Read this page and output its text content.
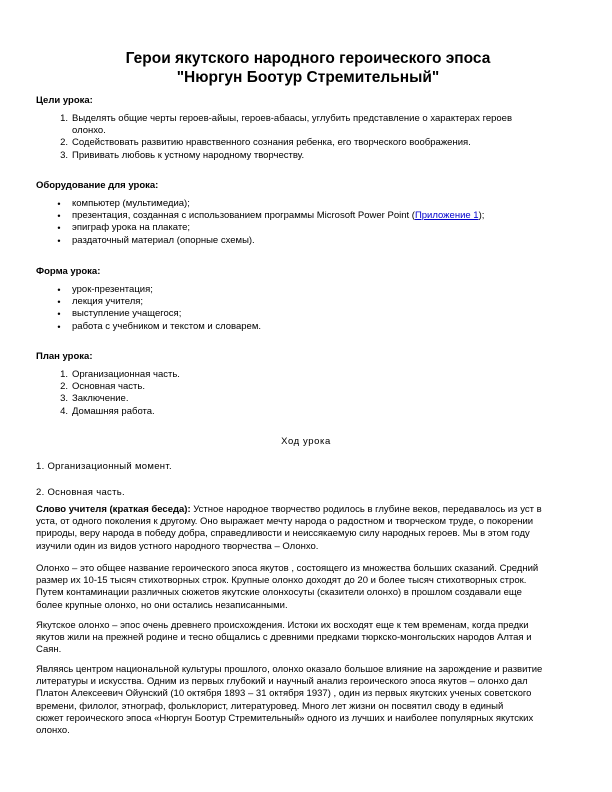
Герои якутского народного героического эпоса
"Нюргун Боотур Стремительный"
Цели урока:
1. Выделять общие черты героев-айыы, героев-абаасы, углубить представление о характерах героев
олонхо.
2. Содействовать развитию нравственного сознания ребенка, его творческого воображения.
3. Прививать любовь к устному народному творчеству.
Оборудование для урока:
• компьютер (мультимедиа);
• презентация, созданная с использованием программы Microsoft Power Point (Приложение 1);
• эпиграф урока на плакате;
• раздаточный материал (опорные схемы).
Форма урока:
• урок-презентация;
• лекция учителя;
• выступление учащегося;
• работа с учебником и текстом и словарем.
План урока:
1. Организационная часть.
2. Основная часть.
3. Заключение.
4. Домашняя работа.
Ход урока
1. Организационный момент.
2. Основная часть.

Слово учителя (краткая беседа): Устное народное творчество родилось в глубине веков, передавалось из уст в
уста, от одного поколения к другому. Оно выражает мечту народа о радостном и творческом труде, о покорении
природы, веру народа в победу добра, справедливости и неиссякаемую силу народных героев. Мы в этом году
изучили один из видов устного народного творчества – Олонхо.

Олонхо – это общее название героического эпоса якутов , состоящего из множества больших сказаний. Средний
размер их 10-15 тысяч стихотворных строк. Крупные олонхо доходят до 20 и более тысяч стихотворных строк.
Путем контаминации различных сюжетов якутские олонхосуты (сказители олонхо) в прошлом создавали еще
более крупные олонхо, но они остались незаписанными.

Якутское олонхо – эпос очень древнего происхождения. Истоки их восходят еще к тем временам, когда предки
якутов жили на прежней родине и тесно общались с древними предками тюркско-монгольских народов Алтая и
Саян.

Являясь центром национальной культуры прошлого, олонхо оказало большое влияние на зарождение и развитие
литературы и искусства. Одним из первых глубокий и научный анализ героического эпоса якутов – олонхо дал
Платон Алексеевич Ойунский (10 октября 1893 – 31 октября 1937) , один из первых якутских ученых советского
времени, филолог, этнограф, фольклорист, литературовед. Много лет жизни он посвятил своду в единый
сюжет героического эпоса «Нюргун Боотур Стремительный» одного из лучших и наиболее популярных якутских
олонхо.
